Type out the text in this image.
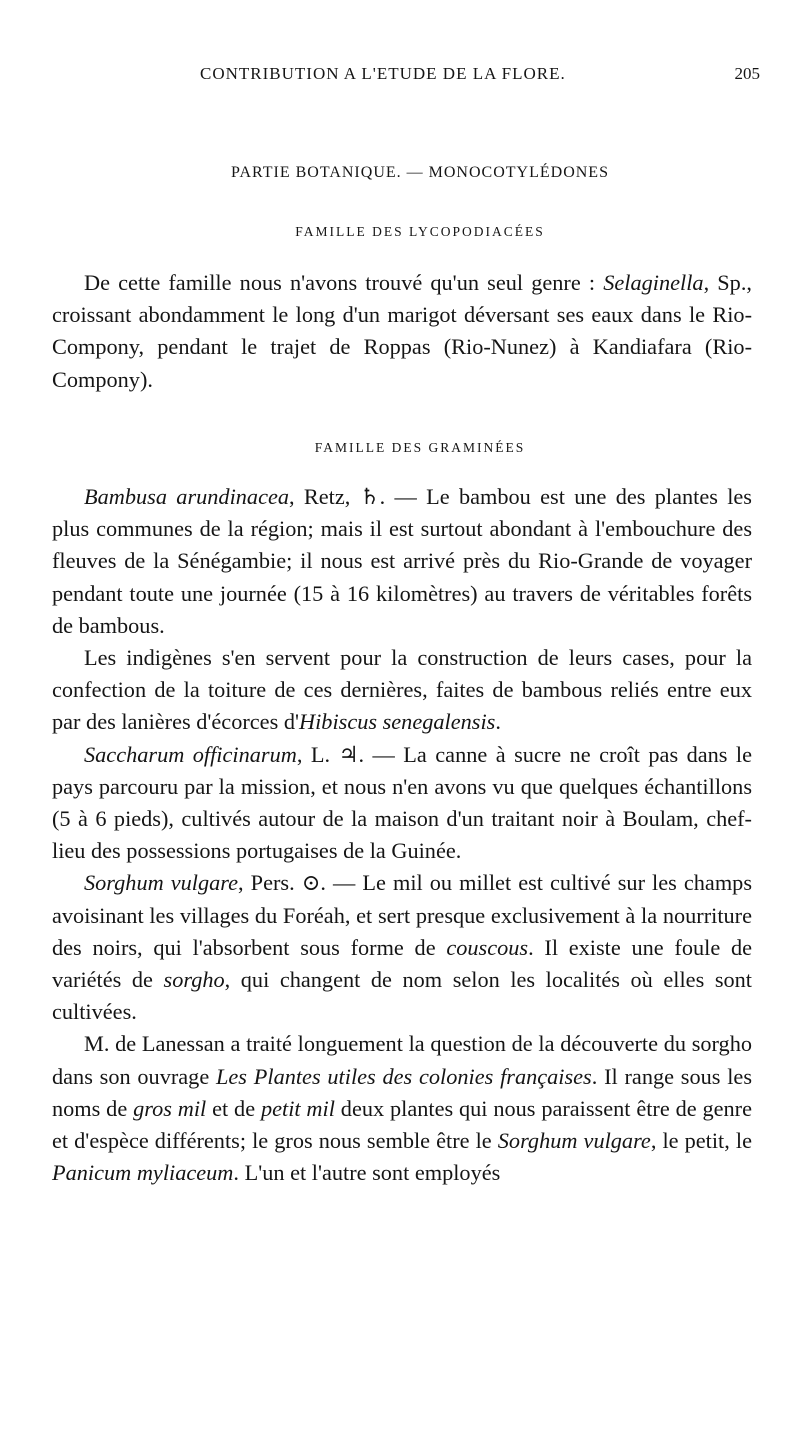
CONTRIBUTION A L'ETUDE DE LA FLORE.	205
PARTIE BOTANIQUE. — MONOCOTYLÉDONES
FAMILLE DES LYCOPODIACÉES

De cette famille nous n'avons trouvé qu'un seul genre : Selaginella, Sp., croissant abondamment le long d'un marigot déversant ses eaux dans le Rio-Compony, pendant le trajet de Roppas (Rio-Nunez) à Kandiafara (Rio-Compony).

FAMILLE DES GRAMINÉES

Bambusa arundinacea, Retz, ♄. — Le bambou est une des plantes les plus communes de la région; mais il est surtout abondant à l'embouchure des fleuves de la Sénégambie; il nous est arrivé près du Rio-Grande de voyager pendant toute une journée (15 à 16 kilomètres) au travers de véritables forêts de bambous.

Les indigènes s'en servent pour la construction de leurs cases, pour la confection de la toiture de ces dernières, faites de bambous reliés entre eux par des lanières d'écorces d'Hibiscus senegalensis.

Saccharum officinarum, L. ♃. — La canne à sucre ne croît pas dans le pays parcouru par la mission, et nous n'en avons vu que quelques échantillons (5 à 6 pieds), cultivés autour de la maison d'un traitant noir à Boulam, chef-lieu des possessions portugaises de la Guinée.

Sorghum vulgare, Pers. ⊙. — Le mil ou millet est cultivé sur les champs avoisinant les villages du Foréah, et sert presque exclusivement à la nourriture des noirs, qui l'absorbent sous forme de couscous. Il existe une foule de variétés de sorgho, qui changent de nom selon les localités où elles sont cultivées.

M. de Lanessan a traité longuement la question de la découverte du sorgho dans son ouvrage Les Plantes utiles des colonies françaises. Il range sous les noms de gros mil et de petit mil deux plantes qui nous paraissent être de genre et d'espèce différents; le gros nous semble être le Sorghum vulgare, le petit, le Panicum myliaceum. L'un et l'autre sont employés
